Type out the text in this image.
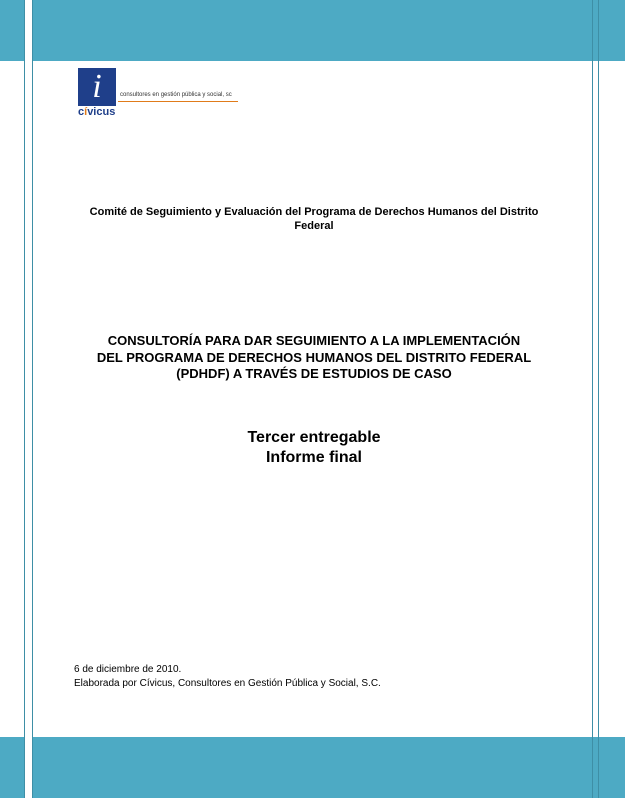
i
cívicus
consultores en gestión pública y social, sc
Comité de Seguimiento y Evaluación del Programa de Derechos Humanos del Distrito
Federal
CONSULTORÍA PARA DAR SEGUIMIENTO A LA IMPLEMENTACIÓN
DEL PROGRAMA DE DERECHOS HUMANOS DEL DISTRITO FEDERAL
(PDHDF) A TRAVÉS DE ESTUDIOS DE CASO
Tercer entregable
Informe final
6 de diciembre de 2010.
Elaborada por Cívicus, Consultores en Gestión Pública y Social, S.C.
